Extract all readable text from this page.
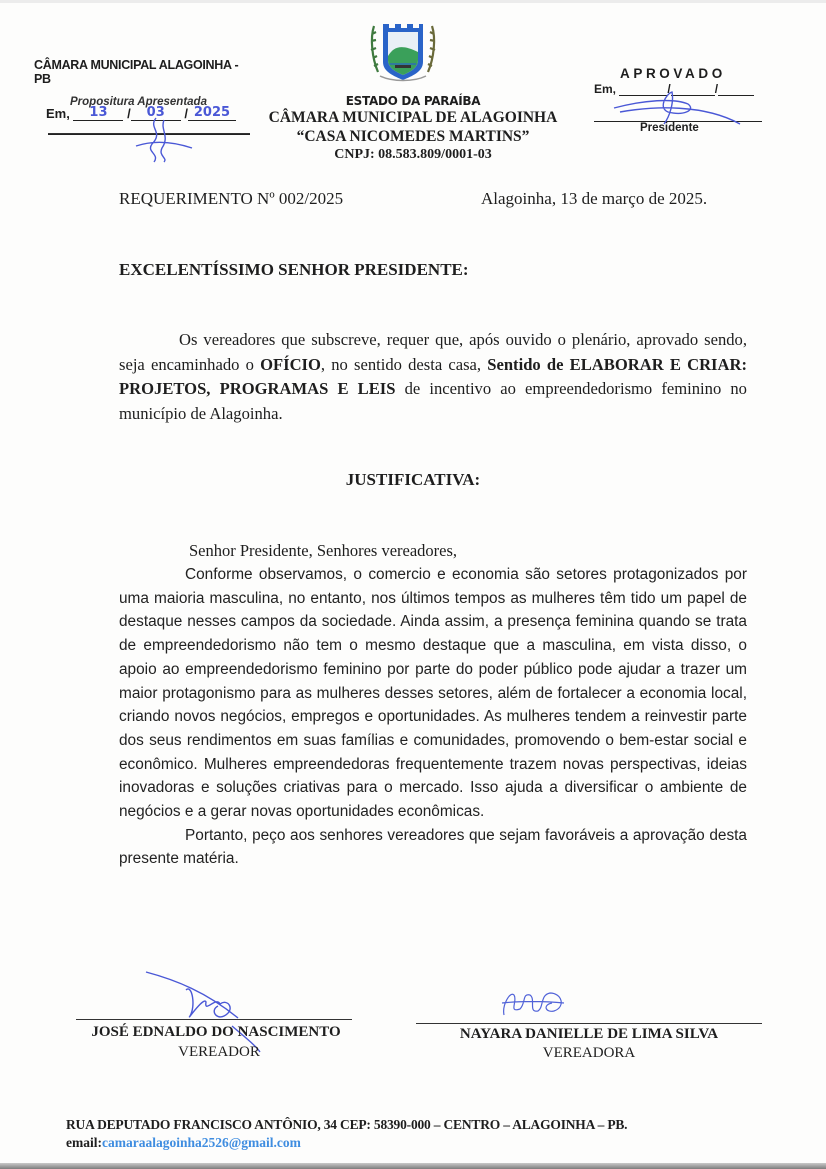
CÂMARA MUNICIPAL ALAGOINHA - PB
Propositura Apresentada
Em, 13 / 03 / 2025
ESTADO DA PARAÍBA
CÂMARA MUNICIPAL DE ALAGOINHA
“CASA NICOMEDES MARTINS”
CNPJ: 08.583.809/0001-03
APROVADO
Em,	/	/
Presidente
REQUERIMENTO Nº 002/2025	Alagoinha, 13 de março de 2025.
EXCELENTÍSSIMO SENHOR PRESIDENTE:
Os vereadores que subscreve, requer que, após ouvido o plenário, aprovado sendo, seja encaminhado o OFÍCIO, no sentido desta casa, Sentido de ELABORAR E CRIAR: PROJETOS, PROGRAMAS E LEIS de incentivo ao empreendedorismo feminino no município de Alagoinha.
JUSTIFICATIVA:
Senhor Presidente, Senhores vereadores,

Conforme observamos, o comercio e economia são setores protagonizados por uma maioria masculina, no entanto, nos últimos tempos as mulheres têm tido um papel de destaque nesses campos da sociedade. Ainda assim, a presença feminina quando se trata de empreendedorismo não tem o mesmo destaque que a masculina, em vista disso, o apoio ao empreendedorismo feminino por parte do poder público pode ajudar a trazer um maior protagonismo para as mulheres desses setores, além de fortalecer a economia local, criando novos negócios, empregos e oportunidades. As mulheres tendem a reinvestir parte dos seus rendimentos em suas famílias e comunidades, promovendo o bem-estar social e econômico. Mulheres empreendedoras frequentemente trazem novas perspectivas, ideias inovadoras e soluções criativas para o mercado. Isso ajuda a diversificar o ambiente de negócios e a gerar novas oportunidades econômicas.

Portanto, peço aos senhores vereadores que sejam favoráveis a aprovação desta presente matéria.

JOSÉ EDNALDO DO NASCIMENTO
VEREADOR
NAYARA DANIELLE DE LIMA SILVA
VEREADORA
RUA DEPUTADO FRANCISCO ANTÔNIO, 34 CEP: 58390-000 – CENTRO – ALAGOINHA – PB.
email:camaraalagoinha2526@gmail.com
